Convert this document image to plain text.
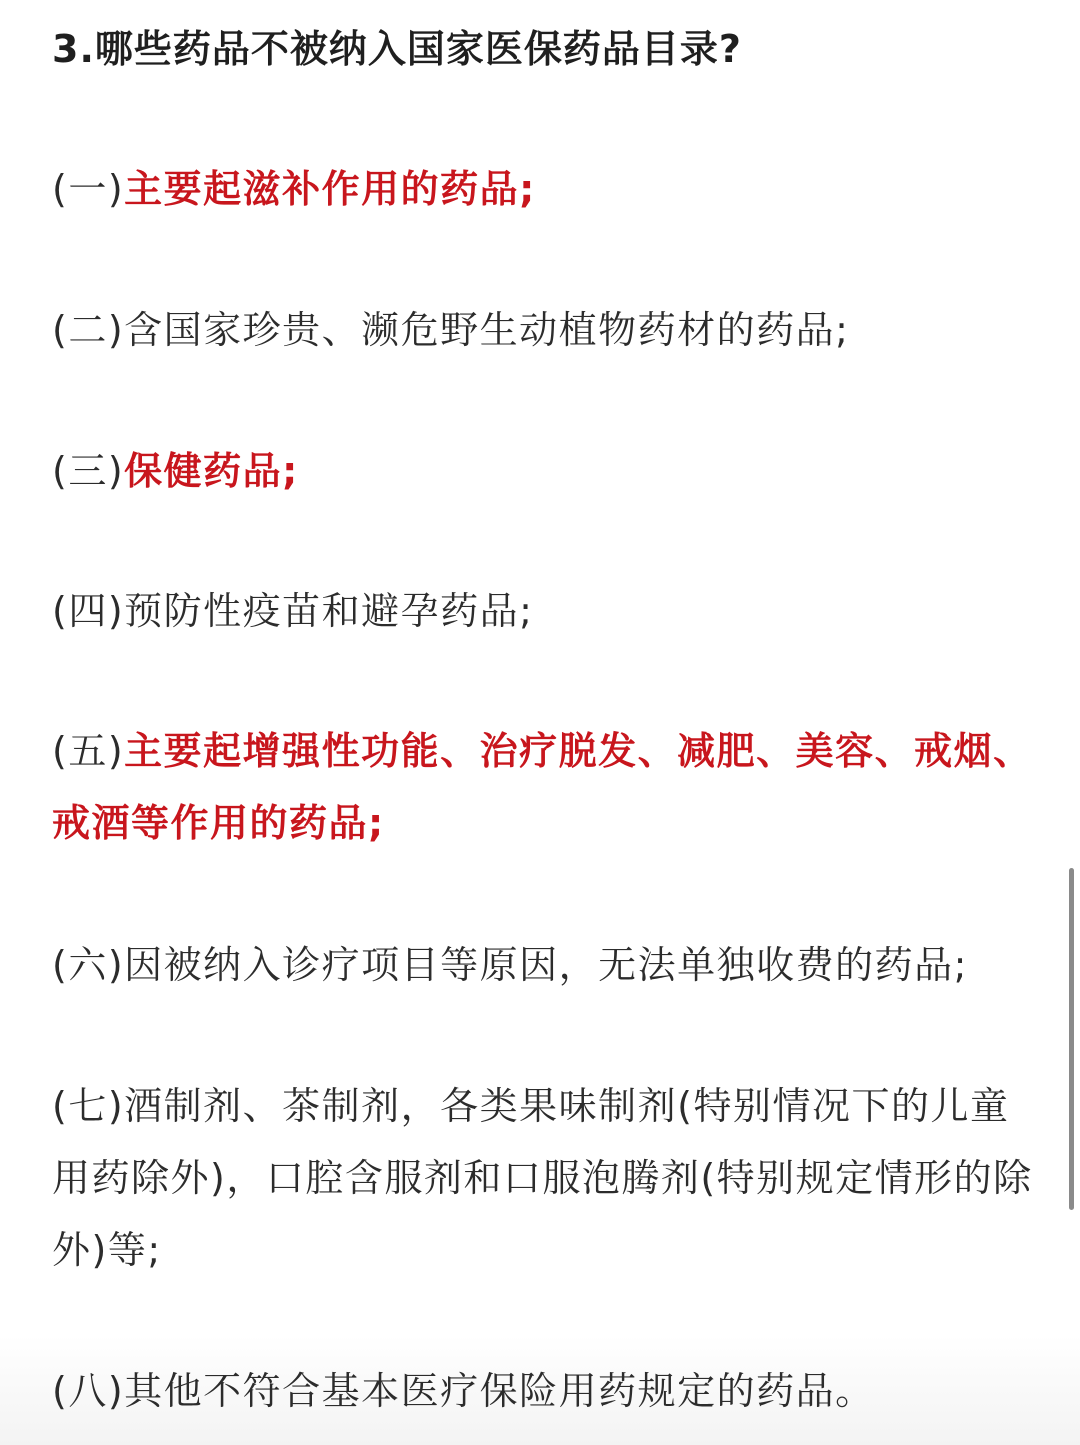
3.哪些药品不被纳入国家医保药品目录?
(一)主要起滋补作用的药品;
(二)含国家珍贵、濒危野生动植物药材的药品;
(三)保健药品;
(四)预防性疫苗和避孕药品;
(五)主要起增强性功能、治疗脱发、减肥、美容、戒烟、戒酒等作用的药品;
(六)因被纳入诊疗项目等原因，无法单独收费的药品;
(七)酒制剂、茶制剂，各类果味制剂(特别情况下的儿童用药除外)，口腔含服剂和口服泡腾剂(特别规定情形的除外)等;
(八)其他不符合基本医疗保险用药规定的药品。
